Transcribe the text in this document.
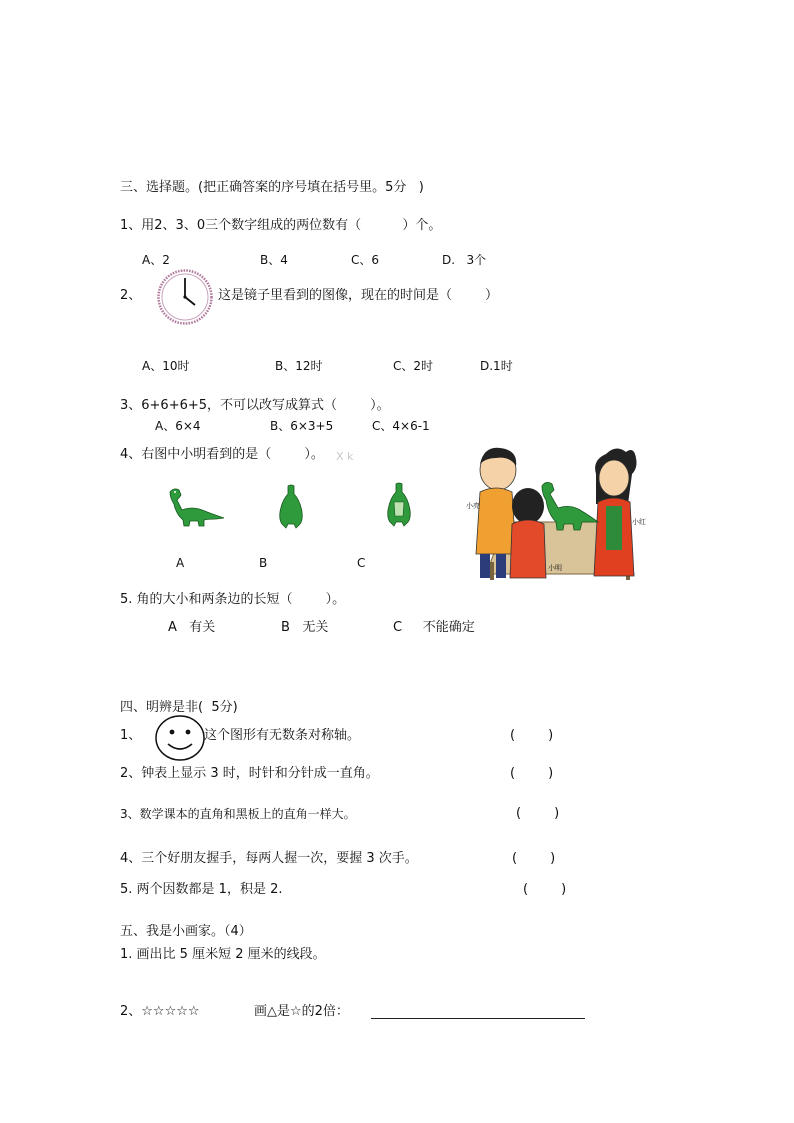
三、选择题。(把正确答案的序号填在括号里。5分   )
1、用2、3、0三个数字组成的两位数有（          ）个。
A、2	B、4	C、6	D.   3个
2、	这是镜子里看到的图像，现在的时间是（        ）
A、10时	B、12时	C、2时	D.1时
3、6+6+6+5，不可以改写成算式（        ）。
A、6×4	B、6×3+5	C、4×6-1
4、右图中小明看到的是（        ）。 X k
A	B	C
小亮
小红
小明
5. 角的大小和两条边的长短（        ）。
A   有关	B   无关	C     不能确定
四、明辨是非(  5分)
1、	这个图形有无数条对称轴。	(        )
2、钟表上显示 3 时，时针和分针成一直角。	(        )
3、数学课本的直角和黑板上的直角一样大。	(        )
4、三个好朋友握手，每两人握一次，要握 3 次手。	(        )
5. 两个因数都是 1，积是 2.	(        )
五、我是小画家。（4）
1. 画出比 5 厘米短 2 厘米的线段。
2、☆☆☆☆☆	画△是☆的2倍：
